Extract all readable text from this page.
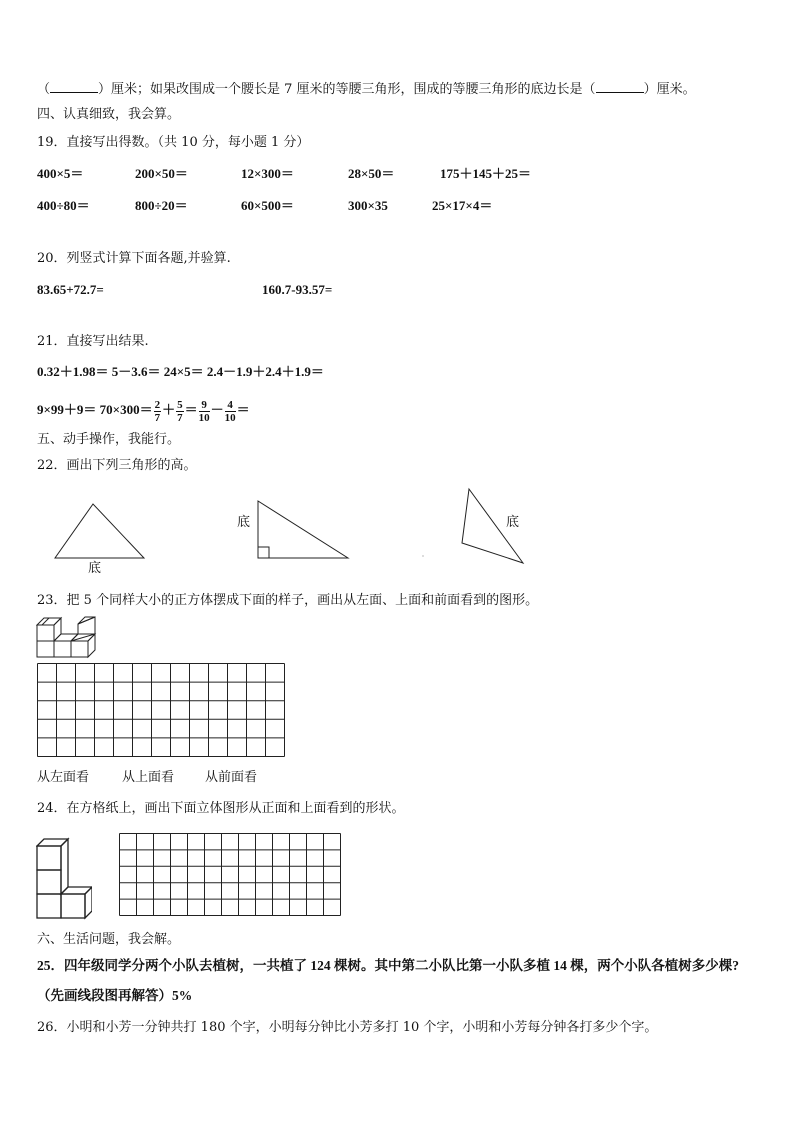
（	）厘米；如果改围成一个腰长是 7 厘米的等腰三角形，围成的等腰三角形的底边长是（	）厘米。
四、认真细致，我会算。
19．直接写出得数。（共 10 分，每小题 1 分）
400×5＝	200×50＝	12×300＝	28×50＝	175＋145＋25＝
400÷80＝	800÷20＝	60×500＝	300×35	25×17×4＝
20．列竖式计算下面各题,并验算.
83.65+72.7=	160.7-93.57=
21．直接写出结果.
0.32＋1.98＝ 5－3.6＝ 24×5＝ 2.4－1.9＋2.4＋1.9＝
$9\times 99+9= 70\times 300= \frac{2}{7} + \frac{5}{7} = \frac{9}{10} - \frac{4}{10}$ ＝
五、动手操作，我能行。
22．画出下列三角形的高。
底
底	底
23．把 5 个同样大小的正方体摆成下面的样子，画出从左面、上面和前面看到的图形。
从左面看	从上面看 从前面看
24．在方格纸上，画出下面立体图形从正面和上面看到的形状。
六、生活问题，我会解。
25．四年级同学分两个小队去植树，一共植了 124 棵树。其中第二小队比第一小队多植 14 棵，两个小队各植树多少棵?
（先画线段图再解答）5%
26．小明和小芳一分钟共打 180 个字，小明每分钟比小芳多打 10 个字，小明和小芳每分钟各打多少个字。
